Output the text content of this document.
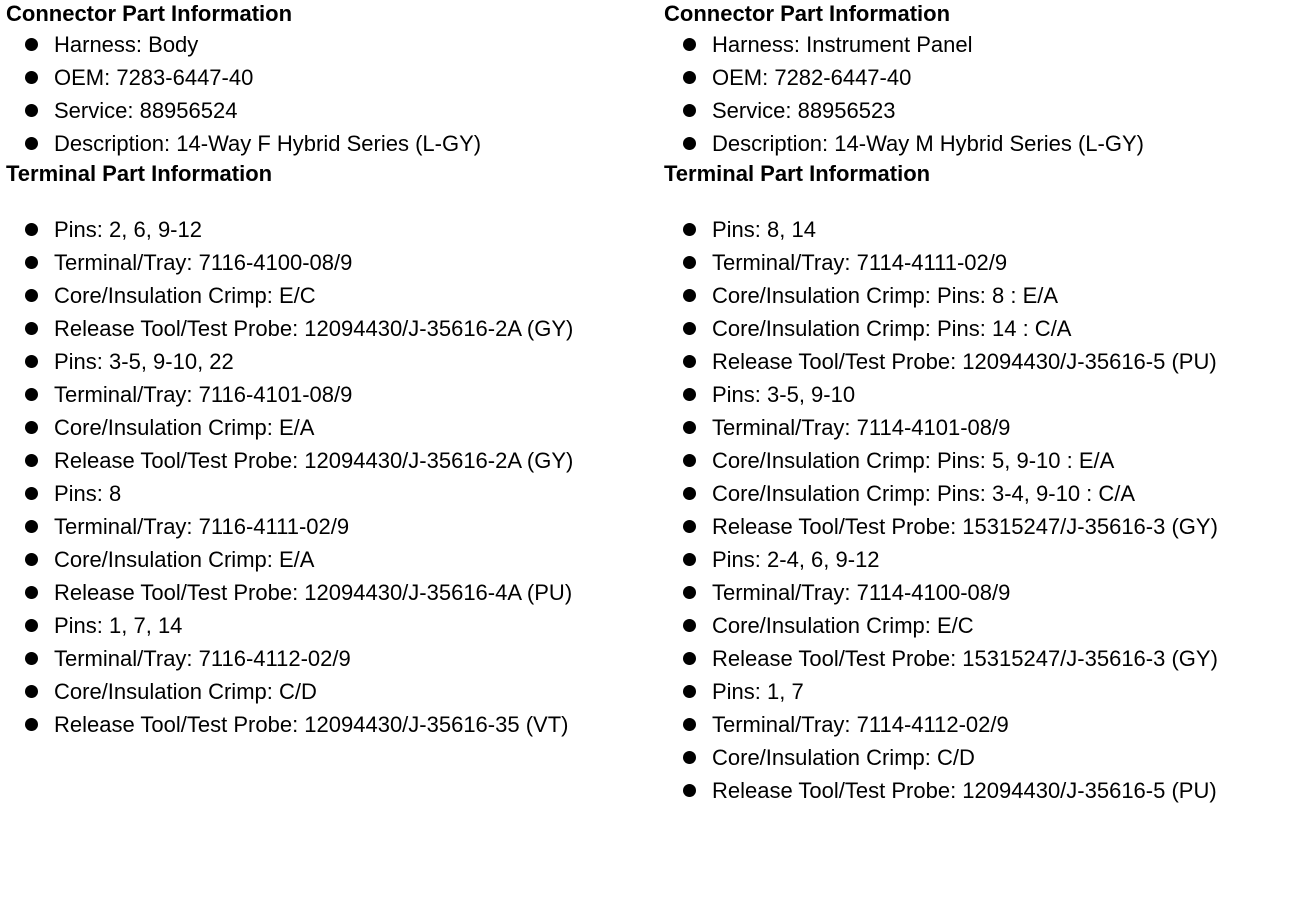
Connector Part Information
Harness: Body
OEM: 7283-6447-40
Service: 88956524
Description: 14-Way F Hybrid Series (L-GY)
Terminal Part Information
Pins: 2, 6, 9-12
Terminal/Tray: 7116-4100-08/9
Core/Insulation Crimp: E/C
Release Tool/Test Probe: 12094430/J-35616-2A (GY)
Pins: 3-5, 9-10, 22
Terminal/Tray: 7116-4101-08/9
Core/Insulation Crimp: E/A
Release Tool/Test Probe: 12094430/J-35616-2A (GY)
Pins: 8
Terminal/Tray: 7116-4111-02/9
Core/Insulation Crimp: E/A
Release Tool/Test Probe: 12094430/J-35616-4A (PU)
Pins: 1, 7, 14
Terminal/Tray: 7116-4112-02/9
Core/Insulation Crimp: C/D
Release Tool/Test Probe: 12094430/J-35616-35 (VT)
Connector Part Information
Harness: Instrument Panel
OEM: 7282-6447-40
Service: 88956523
Description: 14-Way M Hybrid Series (L-GY)
Terminal Part Information
Pins: 8, 14
Terminal/Tray: 7114-4111-02/9
Core/Insulation Crimp: Pins: 8 : E/A
Core/Insulation Crimp: Pins: 14 : C/A
Release Tool/Test Probe: 12094430/J-35616-5 (PU)
Pins: 3-5, 9-10
Terminal/Tray: 7114-4101-08/9
Core/Insulation Crimp: Pins: 5, 9-10 : E/A
Core/Insulation Crimp: Pins: 3-4, 9-10 : C/A
Release Tool/Test Probe: 15315247/J-35616-3 (GY)
Pins: 2-4, 6, 9-12
Terminal/Tray: 7114-4100-08/9
Core/Insulation Crimp: E/C
Release Tool/Test Probe: 15315247/J-35616-3 (GY)
Pins: 1, 7
Terminal/Tray: 7114-4112-02/9
Core/Insulation Crimp: C/D
Release Tool/Test Probe: 12094430/J-35616-5 (PU)
